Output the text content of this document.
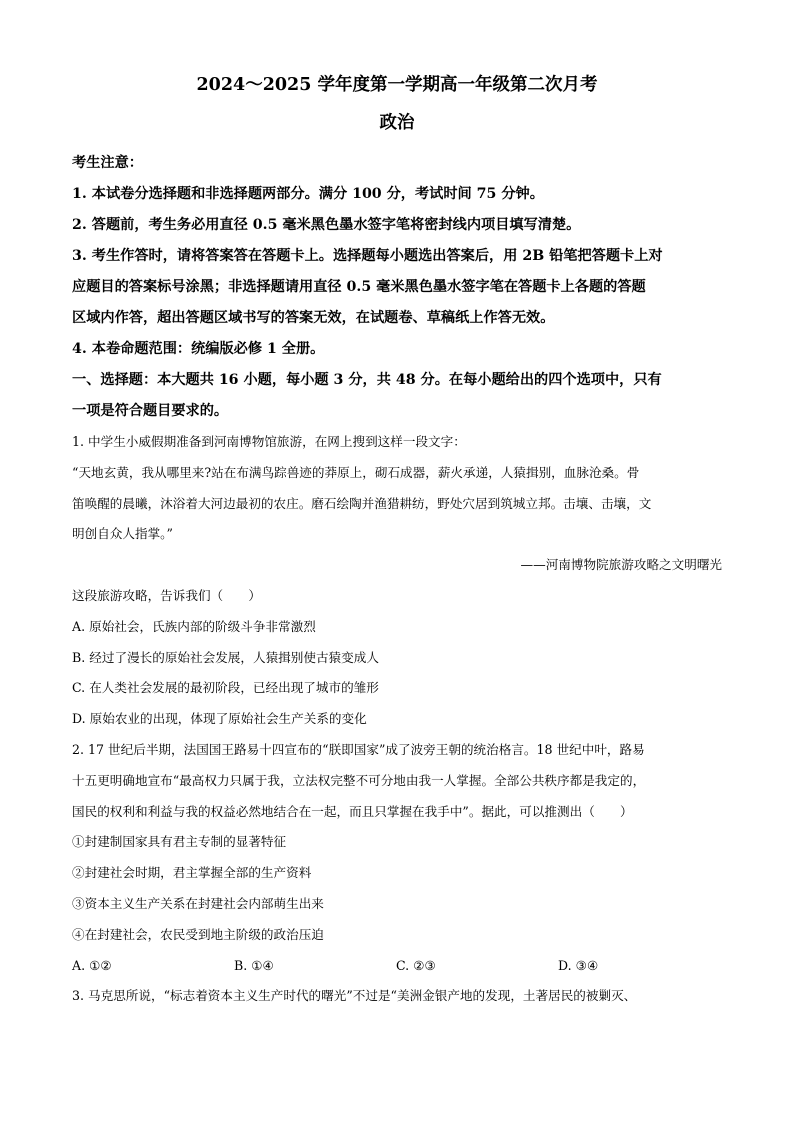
2024～2025 学年度第一学期高一年级第二次月考
政治

考生注意：

1. 本试卷分选择题和非选择题两部分。满分 100 分，考试时间 75 分钟。

2. 答题前，考生务必用直径 0.5 毫米黑色墨水签字笔将密封线内项目填写清楚。

3. 考生作答时，请将答案答在答题卡上。选择题每小题选出答案后，用 2B 铅笔把答题卡上对

应题目的答案标号涂黑；非选择题请用直径 0.5 毫米黑色墨水签字笔在答题卡上各题的答题

区域内作答，超出答题区域书写的答案无效，在试题卷、草稿纸上作答无效。

4. 本卷命题范围：统编版必修 1 全册。

一、选择题：本大题共 16 小题，每小题 3 分，共 48 分。在每小题给出的四个选项中，只有

一项是符合题目要求的。

1. 中学生小威假期准备到河南博物馆旅游，在网上搜到这样一段文字：

“天地玄黄，我从哪里来?站在布满鸟踪兽迹的莽原上，砌石成器，薪火承递，人猿揖别，血脉沧桑。骨

笛唤醒的晨曦，沐浴着大河边最初的农庄。磨石绘陶并渔猎耕纺，野处穴居到筑城立邦。击壤、击壤，文

明创自众人指掌。”

——河南博物院旅游攻略之文明曙光

这段旅游攻略，告诉我们（　　）

A. 原始社会，氏族内部的阶级斗争非常激烈

B. 经过了漫长的原始社会发展，人猿揖别使古猿变成人

C. 在人类社会发展的最初阶段，已经出现了城市的雏形

D. 原始农业的出现，体现了原始社会生产关系的变化

2. 17 世纪后半期，法国国王路易十四宣布的“朕即国家”成了波旁王朝的统治格言。18 世纪中叶，路易

十五更明确地宣布“最高权力只属于我，立法权完整不可分地由我一人掌握。全部公共秩序都是我定的，

国民的权利和利益与我的权益必然地结合在一起，而且只掌握在我手中”。据此，可以推测出（　　）

①封建制国家具有君主专制的显著特征

②封建社会时期，君主掌握全部的生产资料

③资本主义生产关系在封建社会内部萌生出来

④在封建社会，农民受到地主阶级的政治压迫

A. ①②	B. ①④	C. ②③	D. ③④

3. 马克思所说，“标志着资本主义生产时代的曙光”不过是“美洲金银产地的发现，土著居民的被剿灭、
